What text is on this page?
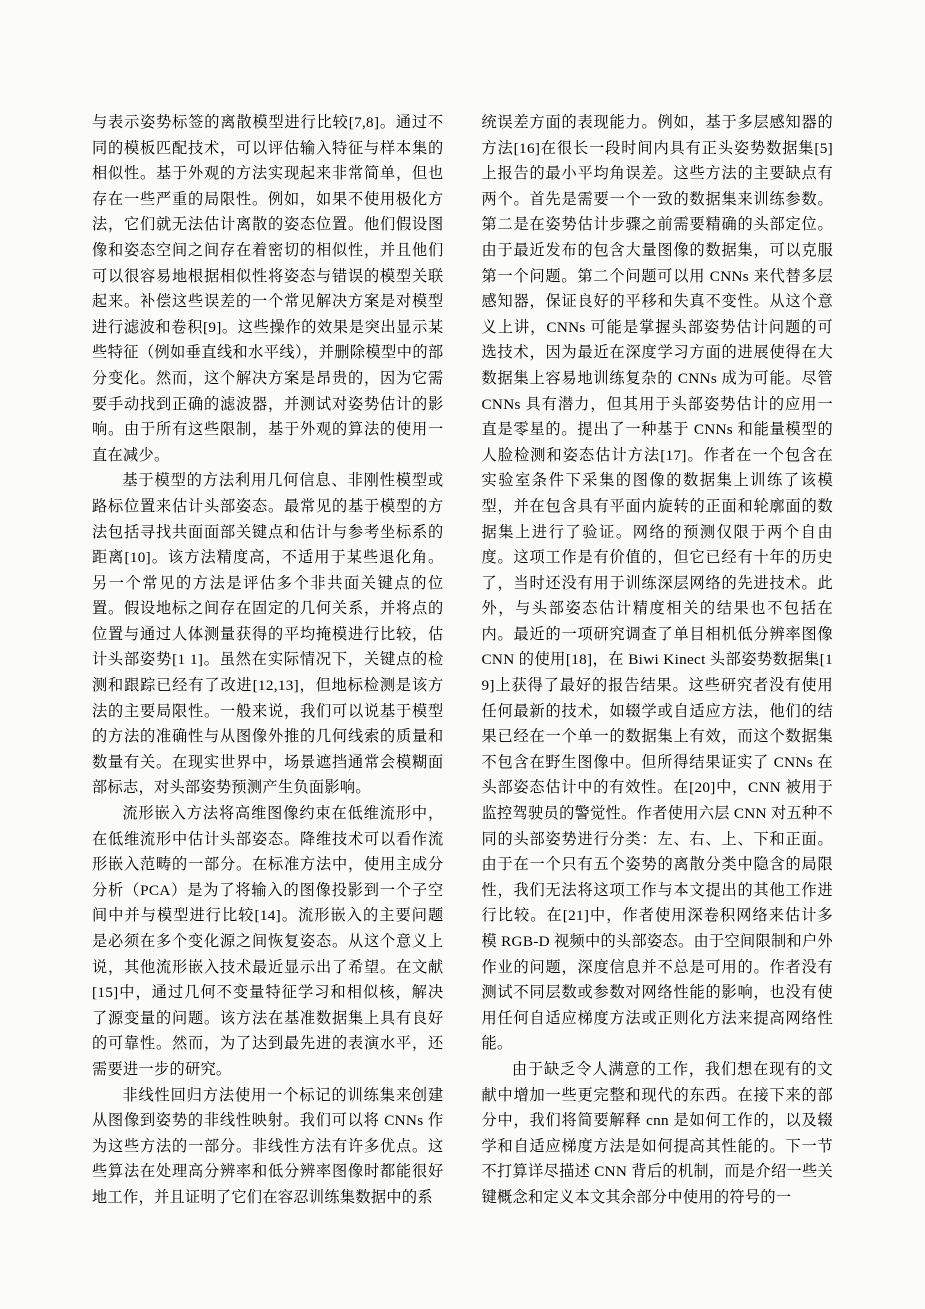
与表示姿势标签的离散模型进行比较[7,8]。通过不同的模板匹配技术，可以评估输入特征与样本集的相似性。基于外观的方法实现起来非常简单，但也存在一些严重的局限性。例如，如果不使用极化方法，它们就无法估计离散的姿态位置。他们假设图像和姿态空间之间存在着密切的相似性，并且他们可以很容易地根据相似性将姿态与错误的模型关联起来。补偿这些误差的一个常见解决方案是对模型进行滤波和卷积[9]。这些操作的效果是突出显示某些特征（例如垂直线和水平线），并删除模型中的部分变化。然而，这个解决方案是昂贵的，因为它需要手动找到正确的滤波器，并测试对姿势估计的影响。由于所有这些限制，基于外观的算法的使用一直在减少。

基于模型的方法利用几何信息、非刚性模型或路标位置来估计头部姿态。最常见的基于模型的方法包括寻找共面面部关键点和估计与参考坐标系的距离[10]。该方法精度高，不适用于某些退化角。另一个常见的方法是评估多个非共面关键点的位置。假设地标之间存在固定的几何关系，并将点的位置与通过人体测量获得的平均掩模进行比较，估计头部姿势[1 1]。虽然在实际情况下，关键点的检测和跟踪已经有了改进[12,13]，但地标检测是该方法的主要局限性。一般来说，我们可以说基于模型的方法的准确性与从图像外推的几何线索的质量和数量有关。在现实世界中，场景遮挡通常会模糊面部标志，对头部姿势预测产生负面影响。

流形嵌入方法将高维图像约束在低维流形中，在低维流形中估计头部姿态。降维技术可以看作流形嵌入范畴的一部分。在标准方法中，使用主成分分析（PCA）是为了将输入的图像投影到一个子空间中并与模型进行比较[14]。流形嵌入的主要问题是必须在多个变化源之间恢复姿态。从这个意义上说，其他流形嵌入技术最近显示出了希望。在文献[15]中，通过几何不变量特征学习和相似核，解决了源变量的问题。该方法在基准数据集上具有良好的可靠性。然而，为了达到最先进的表演水平，还需要进一步的研究。

非线性回归方法使用一个标记的训练集来创建从图像到姿势的非线性映射。我们可以将 CNNs 作为这些方法的一部分。非线性方法有许多优点。这些算法在处理高分辨率和低分辨率图像时都能很好地工作，并且证明了它们在容忍训练集数据中的系

统误差方面的表现能力。例如，基于多层感知器的方法[16]在很长一段时间内具有正头姿势数据集[5]上报告的最小平均角误差。这些方法的主要缺点有两个。首先是需要一个一致的数据集来训练参数。第二是在姿势估计步骤之前需要精确的头部定位。由于最近发布的包含大量图像的数据集，可以克服第一个问题。第二个问题可以用 CNNs 来代替多层感知器，保证良好的平移和失真不变性。从这个意义上讲，CNNs 可能是掌握头部姿势估计问题的可选技术，因为最近在深度学习方面的进展使得在大数据集上容易地训练复杂的 CNNs 成为可能。尽管 CNNs 具有潜力，但其用于头部姿势估计的应用一直是零星的。提出了一种基于 CNNs 和能量模型的人脸检测和姿态估计方法[17]。作者在一个包含在实验室条件下采集的图像的数据集上训练了该模型，并在包含具有平面内旋转的正面和轮廓面的数据集上进行了验证。网络的预测仅限于两个自由度。这项工作是有价值的，但它已经有十年的历史了，当时还没有用于训练深层网络的先进技术。此外，与头部姿态估计精度相关的结果也不包括在内。最近的一项研究调查了单目相机低分辨率图像 CNN 的使用[18]，在 Biwi Kinect 头部姿势数据集[19]上获得了最好的报告结果。这些研究者没有使用任何最新的技术，如辍学或自适应方法，他们的结果已经在一个单一的数据集上有效，而这个数据集不包含在野生图像中。但所得结果证实了 CNNs 在头部姿态估计中的有效性。在[20]中，CNN 被用于监控驾驶员的警觉性。作者使用六层 CNN 对五种不同的头部姿势进行分类：左、右、上、下和正面。由于在一个只有五个姿势的离散分类中隐含的局限性，我们无法将这项工作与本文提出的其他工作进行比较。在[21]中，作者使用深卷积网络来估计多模 RGB-D 视频中的头部姿态。由于空间限制和户外作业的问题，深度信息并不总是可用的。作者没有测试不同层数或参数对网络性能的影响，也没有使用任何自适应梯度方法或正则化方法来提高网络性能。

由于缺乏令人满意的工作，我们想在现有的文献中增加一些更完整和现代的东西。在接下来的部分中，我们将简要解释 cnn 是如何工作的，以及辍学和自适应梯度方法是如何提高其性能的。下一节不打算详尽描述 CNN 背后的机制，而是介绍一些关键概念和定义本文其余部分中使用的符号的一
